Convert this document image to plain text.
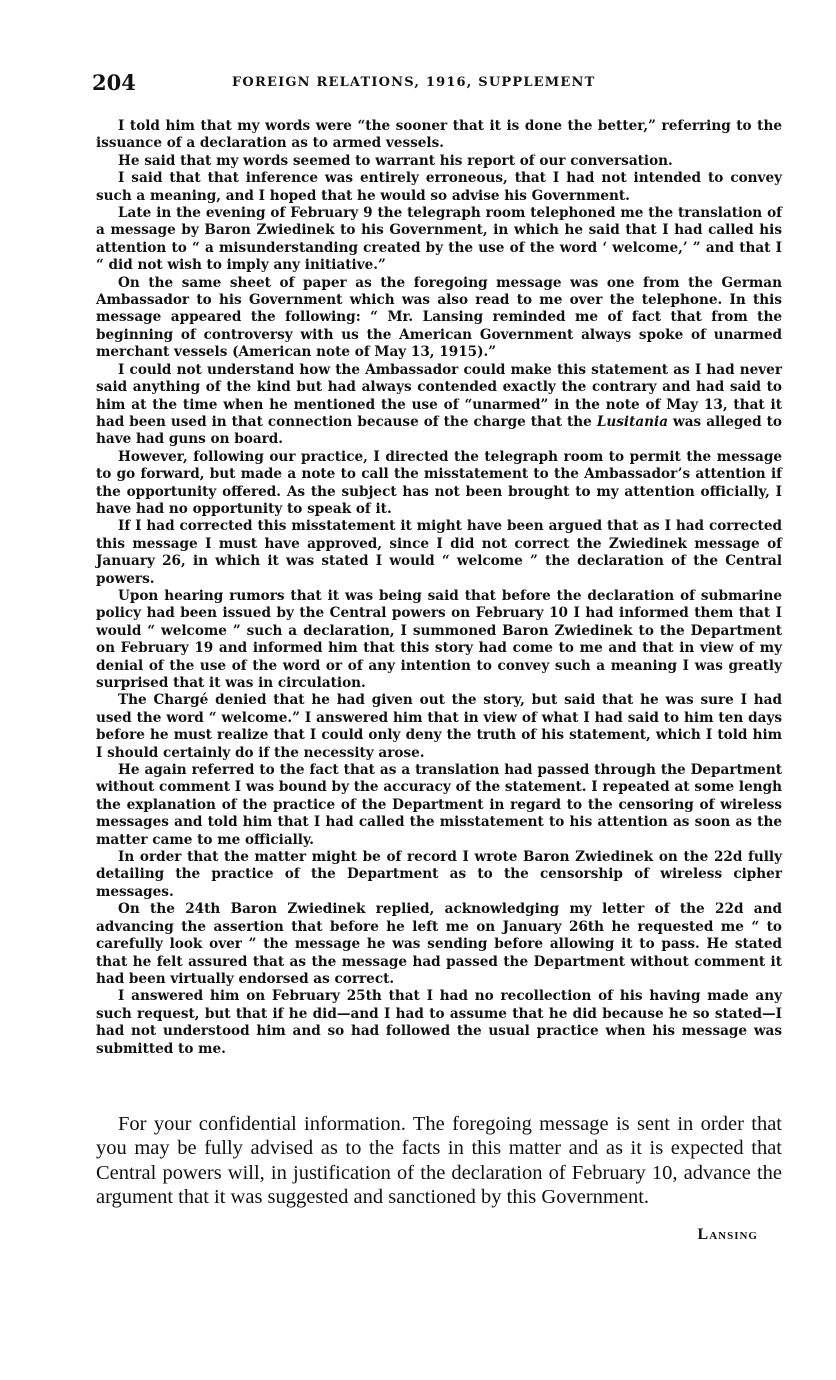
204	FOREIGN RELATIONS, 1916, SUPPLEMENT

I told him that my words were “the sooner that it is done the better,” referring to the issuance of a declaration as to armed vessels.

He said that my words seemed to warrant his report of our conversation.

I said that that inference was entirely erroneous, that I had not intended to convey such a meaning, and I hoped that he would so advise his Government.

Late in the evening of February 9 the telegraph room telephoned me the translation of a message by Baron Zwiedinek to his Government, in which he said that I had called his attention to “ a misunderstanding created by the use of the word ‘ welcome,’ ” and that I “ did not wish to imply any initiative.”

On the same sheet of paper as the foregoing message was one from the German Ambassador to his Government which was also read to me over the telephone. In this message appeared the following: “ Mr. Lansing reminded me of fact that from the beginning of controversy with us the American Government always spoke of unarmed merchant vessels (American note of May 13, 1915).”

I could not understand how the Ambassador could make this statement as I had never said anything of the kind but had always contended exactly the contrary and had said to him at the time when he mentioned the use of “unarmed” in the note of May 13, that it had been used in that connection because of the charge that the Lusitania was alleged to have had guns on board.

However, following our practice, I directed the telegraph room to permit the message to go forward, but made a note to call the misstatement to the Ambassador’s attention if the opportunity offered. As the subject has not been brought to my attention officially, I have had no opportunity to speak of it.

If I had corrected this misstatement it might have been argued that as I had corrected this message I must have approved, since I did not correct the Zwiedinek message of January 26, in which it was stated I would “ welcome ” the declaration of the Central powers.

Upon hearing rumors that it was being said that before the declaration of submarine policy had been issued by the Central powers on February 10 I had informed them that I would “ welcome ” such a declaration, I summoned Baron Zwiedinek to the Department on February 19 and informed him that this story had come to me and that in view of my denial of the use of the word or of any intention to convey such a meaning I was greatly surprised that it was in circulation.

The Chargé denied that he had given out the story, but said that he was sure I had used the word “ welcome.” I answered him that in view of what I had said to him ten days before he must realize that I could only deny the truth of his statement, which I told him I should certainly do if the necessity arose.

He again referred to the fact that as a translation had passed through the Department without comment I was bound by the accuracy of the statement. I repeated at some lengh the explanation of the practice of the Department in regard to the censoring of wireless messages and told him that I had called the misstatement to his attention as soon as the matter came to me officially.

In order that the matter might be of record I wrote Baron Zwiedinek on the 22d fully detailing the practice of the Department as to the censorship of wireless cipher messages.

On the 24th Baron Zwiedinek replied, acknowledging my letter of the 22d and advancing the assertion that before he left me on January 26th he requested me “ to carefully look over ” the message he was sending before allowing it to pass. He stated that he felt assured that as the message had passed the Department without comment it had been virtually endorsed as correct.

I answered him on February 25th that I had no recollection of his having made any such request, but that if he did—and I had to assume that he did because he so stated—I had not understood him and so had followed the usual practice when his message was submitted to me.

For your confidential information. The foregoing message is sent in order that you may be fully advised as to the facts in this matter and as it is expected that Central powers will, in justification of the declaration of February 10, advance the argument that it was suggested and sanctioned by this Government.

Lansing
